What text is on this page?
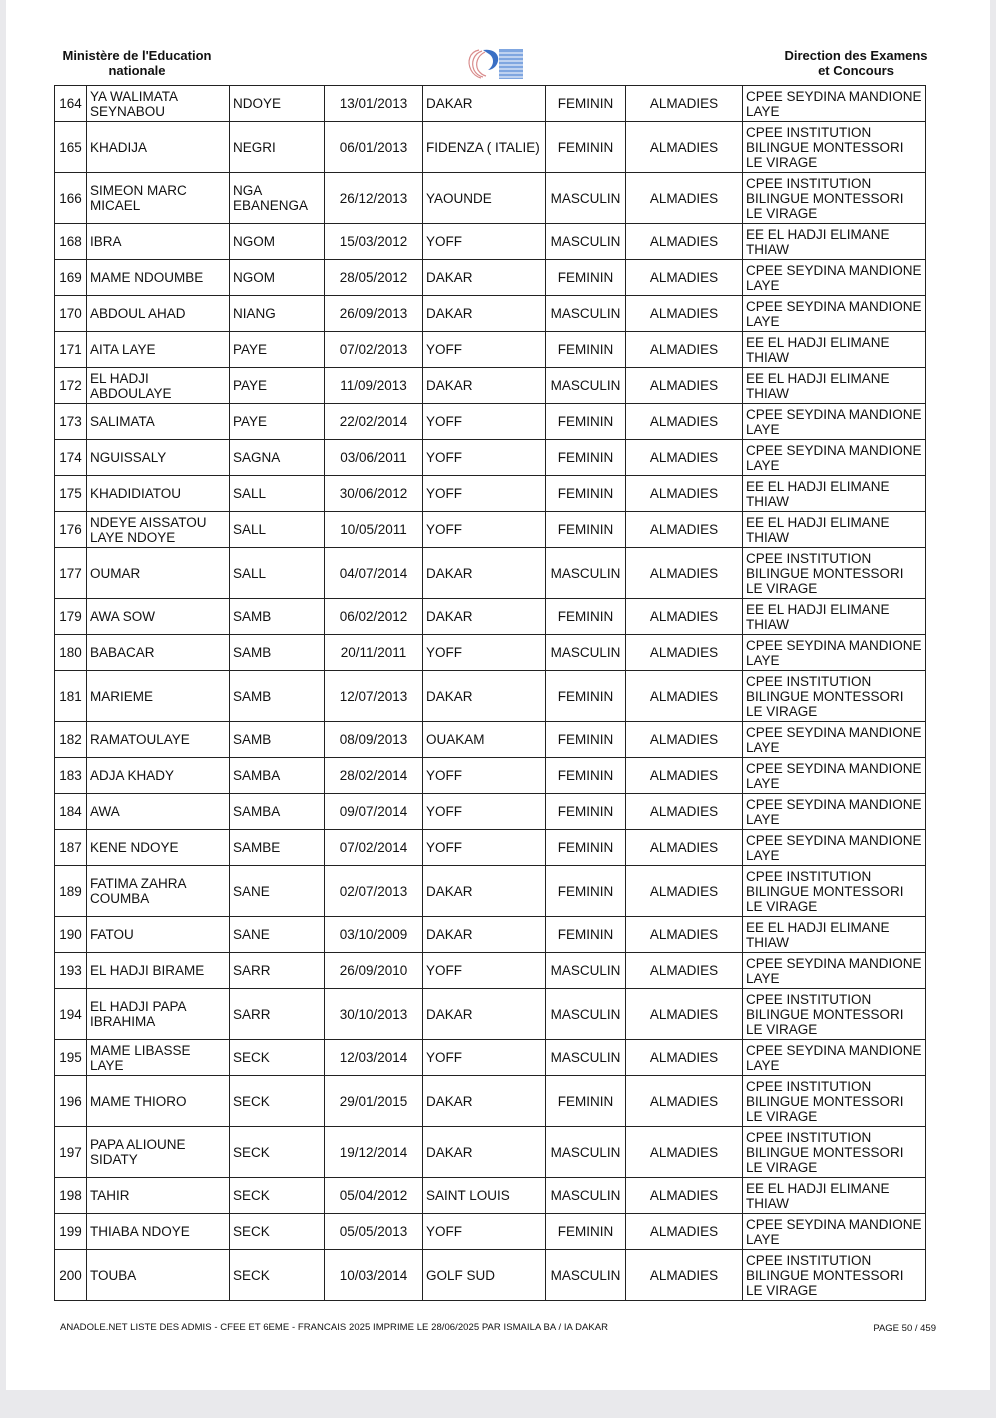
Ministère de l'Education
nationale
Direction des Examens
et Concours
164	YA WALIMATA SEYNABOU	NDOYE	13/01/2013	DAKAR	FEMININ	ALMADIES	CPEE SEYDINA MANDIONE LAYE
165	KHADIJA	NEGRI	06/01/2013	FIDENZA ( ITALIE)	FEMININ	ALMADIES	CPEE INSTITUTION BILINGUE MONTESSORI LE VIRAGE
166	SIMEON MARC MICAEL	NGA EBANENGA	26/12/2013	YAOUNDE	MASCULIN	ALMADIES	CPEE INSTITUTION BILINGUE MONTESSORI LE VIRAGE
168	IBRA	NGOM	15/03/2012	YOFF	MASCULIN	ALMADIES	EE EL HADJI ELIMANE THIAW
169	MAME NDOUMBE	NGOM	28/05/2012	DAKAR	FEMININ	ALMADIES	CPEE SEYDINA MANDIONE LAYE
170	ABDOUL AHAD	NIANG	26/09/2013	DAKAR	MASCULIN	ALMADIES	CPEE SEYDINA MANDIONE LAYE
171	AITA LAYE	PAYE	07/02/2013	YOFF	FEMININ	ALMADIES	EE EL HADJI ELIMANE THIAW
172	EL HADJI ABDOULAYE	PAYE	11/09/2013	DAKAR	MASCULIN	ALMADIES	EE EL HADJI ELIMANE THIAW
173	SALIMATA	PAYE	22/02/2014	YOFF	FEMININ	ALMADIES	CPEE SEYDINA MANDIONE LAYE
174	NGUISSALY	SAGNA	03/06/2011	YOFF	FEMININ	ALMADIES	CPEE SEYDINA MANDIONE LAYE
175	KHADIDIATOU	SALL	30/06/2012	YOFF	FEMININ	ALMADIES	EE EL HADJI ELIMANE THIAW
176	NDEYE AISSATOU LAYE NDOYE	SALL	10/05/2011	YOFF	FEMININ	ALMADIES	EE EL HADJI ELIMANE THIAW
177	OUMAR	SALL	04/07/2014	DAKAR	MASCULIN	ALMADIES	CPEE INSTITUTION BILINGUE MONTESSORI LE VIRAGE
179	AWA SOW	SAMB	06/02/2012	DAKAR	FEMININ	ALMADIES	EE EL HADJI ELIMANE THIAW
180	BABACAR	SAMB	20/11/2011	YOFF	MASCULIN	ALMADIES	CPEE SEYDINA MANDIONE LAYE
181	MARIEME	SAMB	12/07/2013	DAKAR	FEMININ	ALMADIES	CPEE INSTITUTION BILINGUE MONTESSORI LE VIRAGE
182	RAMATOULAYE	SAMB	08/09/2013	OUAKAM	FEMININ	ALMADIES	CPEE SEYDINA MANDIONE LAYE
183	ADJA KHADY	SAMBA	28/02/2014	YOFF	FEMININ	ALMADIES	CPEE SEYDINA MANDIONE LAYE
184	AWA	SAMBA	09/07/2014	YOFF	FEMININ	ALMADIES	CPEE SEYDINA MANDIONE LAYE
187	KENE NDOYE	SAMBE	07/02/2014	YOFF	FEMININ	ALMADIES	CPEE SEYDINA MANDIONE LAYE
189	FATIMA ZAHRA COUMBA	SANE	02/07/2013	DAKAR	FEMININ	ALMADIES	CPEE INSTITUTION BILINGUE MONTESSORI LE VIRAGE
190	FATOU	SANE	03/10/2009	DAKAR	FEMININ	ALMADIES	EE EL HADJI ELIMANE THIAW
193	EL HADJI BIRAME	SARR	26/09/2010	YOFF	MASCULIN	ALMADIES	CPEE SEYDINA MANDIONE LAYE
194	EL HADJI PAPA IBRAHIMA	SARR	30/10/2013	DAKAR	MASCULIN	ALMADIES	CPEE INSTITUTION BILINGUE MONTESSORI LE VIRAGE
195	MAME LIBASSE LAYE	SECK	12/03/2014	YOFF	MASCULIN	ALMADIES	CPEE SEYDINA MANDIONE LAYE
196	MAME THIORO	SECK	29/01/2015	DAKAR	FEMININ	ALMADIES	CPEE INSTITUTION BILINGUE MONTESSORI LE VIRAGE
197	PAPA ALIOUNE SIDATY	SECK	19/12/2014	DAKAR	MASCULIN	ALMADIES	CPEE INSTITUTION BILINGUE MONTESSORI LE VIRAGE
198	TAHIR	SECK	05/04/2012	SAINT LOUIS	MASCULIN	ALMADIES	EE EL HADJI ELIMANE THIAW
199	THIABA NDOYE	SECK	05/05/2013	YOFF	FEMININ	ALMADIES	CPEE SEYDINA MANDIONE LAYE
200	TOUBA	SECK	10/03/2014	GOLF SUD	MASCULIN	ALMADIES	CPEE INSTITUTION BILINGUE MONTESSORI LE VIRAGE
ANADOLE.NET LISTE DES ADMIS - CFEE ET 6EME - FRANCAIS 2025 IMPRIME LE 28/06/2025 PAR ISMAILA BA / IA DAKAR	PAGE 50 / 459
